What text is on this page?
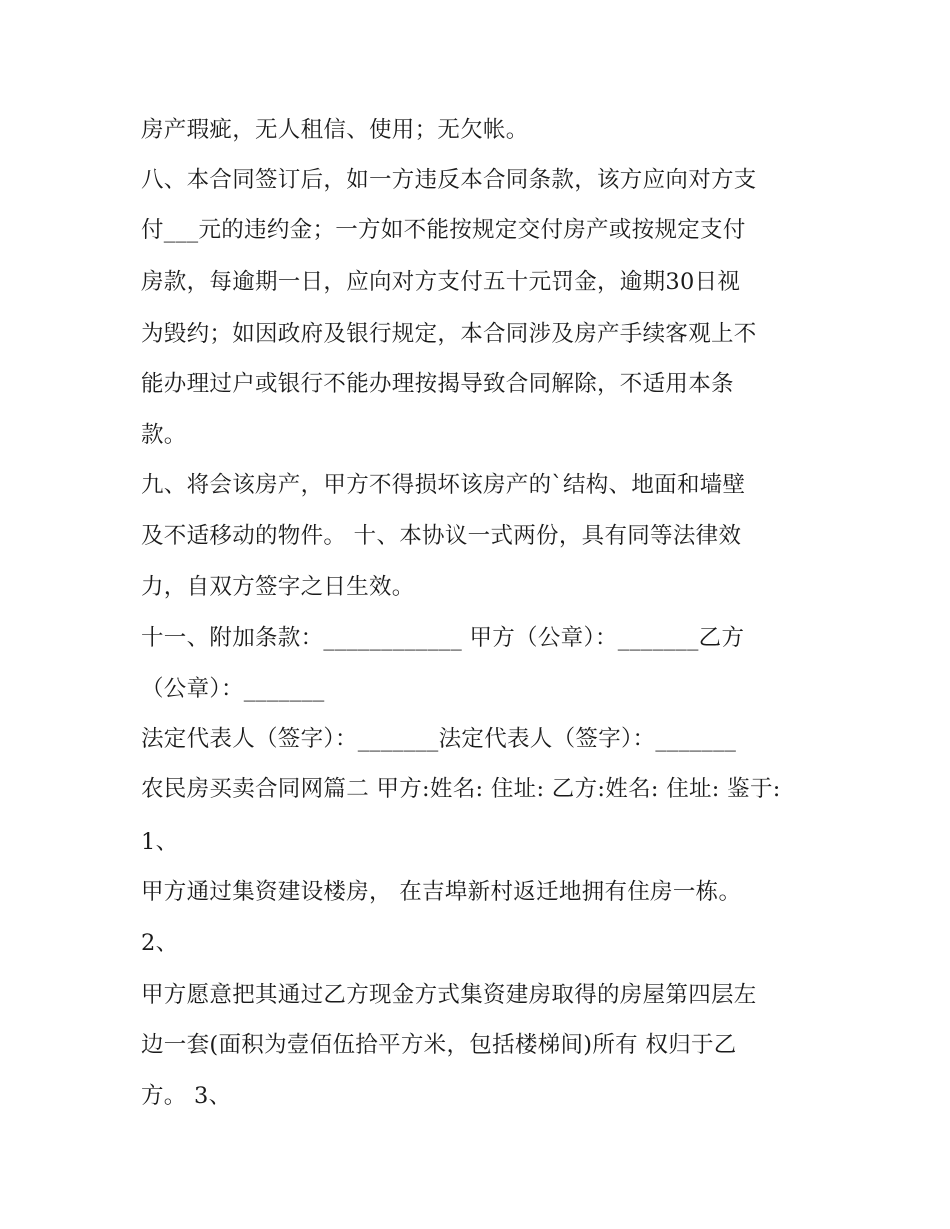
房产瑕疵，无人租信、使用；无欠帐。

八、本合同签订后，如一方违反本合同条款，该方应向对方支

付___元的违约金；一方如不能按规定交付房产或按规定支付

房款，每逾期一日，应向对方支付五十元罚金，逾期30日视

为毁约；如因政府及银行规定，本合同涉及房产手续客观上不

能办理过户或银行不能办理按揭导致合同解除，不适用本条

款。

九、将会该房产，甲方不得损坏该房产的`结构、地面和墙壁

及不适移动的物件。 十、本协议一式两份，具有同等法律效

力，自双方签字之日生效。

十一、附加条款：____________ 甲方（公章）：_______乙方

（公章）：_______

法定代表人（签字）：_______法定代表人（签字）：_______

农民房买卖合同网篇二 甲方:姓名: 住址: 乙方:姓名: 住址: 鉴于:

1、

甲方通过集资建设楼房， 在吉埠新村返迁地拥有住房一栋。

2、

甲方愿意把其通过乙方现金方式集资建房取得的房屋第四层左

边一套(面积为壹佰伍拾平方米，包括楼梯间)所有 权归于乙

方。 3、
